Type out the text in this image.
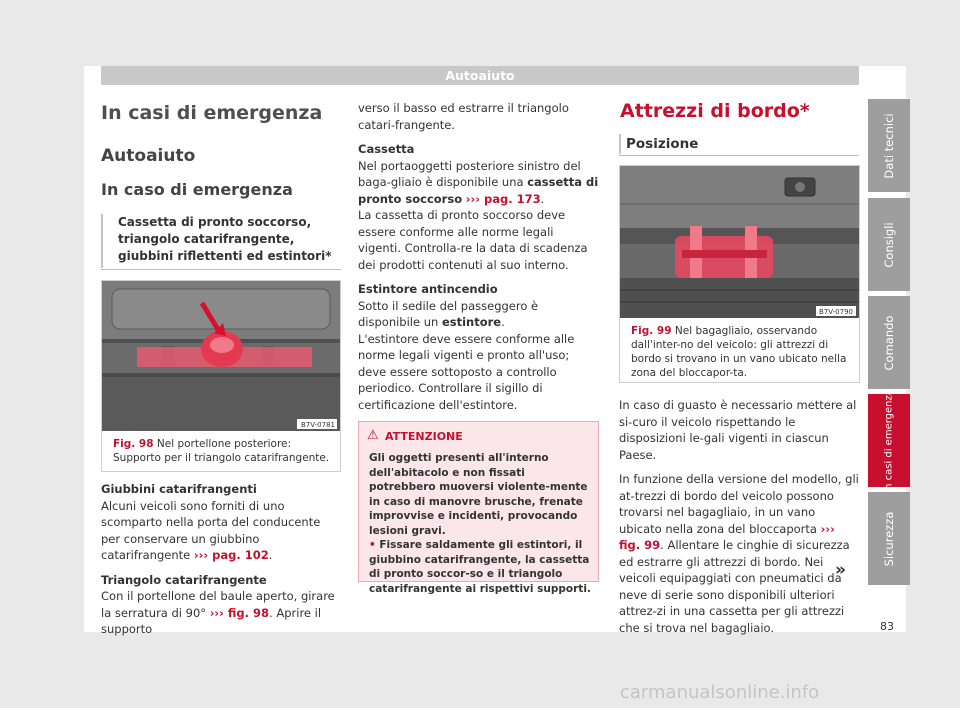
Autoaiuto
In casi di emergenza
Autoaiuto
In caso di emergenza
Cassetta di pronto soccorso, triangolo catarifrangente, giubbini riflettenti ed estintori*
B7V-0781
Fig. 98 Nel portellone posteriore: Supporto per il triangolo catarifrangente.
Giubbini catarifrangenti
Alcuni veicoli sono forniti di uno scomparto nella porta del conducente per conservare un giubbino catarifrangente ››› pag. 102.
Triangolo catarifrangente
Con il portellone del baule aperto, girare la serratura di 90° ››› fig. 98. Aprire il supporto
verso il basso ed estrarre il triangolo catari-frangente.
Cassetta
Nel portaoggetti posteriore sinistro del baga-gliaio è disponibile una cassetta di pronto soccorso ››› pag. 173.
La cassetta di pronto soccorso deve essere conforme alle norme legali vigenti. Controlla-re la data di scadenza dei prodotti contenuti al suo interno.
Estintore antincendio
Sotto il sedile del passeggero è disponibile un estintore.
L'estintore deve essere conforme alle norme legali vigenti e pronto all'uso; deve essere sottoposto a controllo periodico. Controllare il sigillo di certificazione dell'estintore.
⚠ ATTENZIONE
Gli oggetti presenti all'interno dell'abitacolo e non fissati potrebbero muoversi violente-mente in caso di manovre brusche, frenate improvvise e incidenti, provocando lesioni gravi.
• Fissare saldamente gli estintori, il giubbino catarifrangente, la cassetta di pronto soccor-so e il triangolo catarifrangente ai rispettivi supporti.
Attrezzi di bordo*
Posizione
B7V-0790
Fig. 99 Nel bagagliaio, osservando dall'inter-no del veicolo: gli attrezzi di bordo si trovano in un vano ubicato nella zona del bloccapor-ta.
In caso di guasto è necessario mettere al si-curo il veicolo rispettando le disposizioni le-gali vigenti in ciascun Paese.
In funzione della versione del modello, gli at-trezzi di bordo del veicolo possono trovarsi nel bagagliaio, in un vano ubicato nella zona del bloccaporta ››› fig. 99. Allentare le cinghie di sicurezza ed estrarre gli attrezzi di bordo. Nei veicoli equipaggiati con pneumatici da neve di serie sono disponibili ulteriori attrez-zi in una cassetta per gli attrezzi che si trova nel bagagliaio.
»
Dati tecnici
Consigli
Comando
In casi di emergenza
Sicurezza
83
carmanualsonline.info
